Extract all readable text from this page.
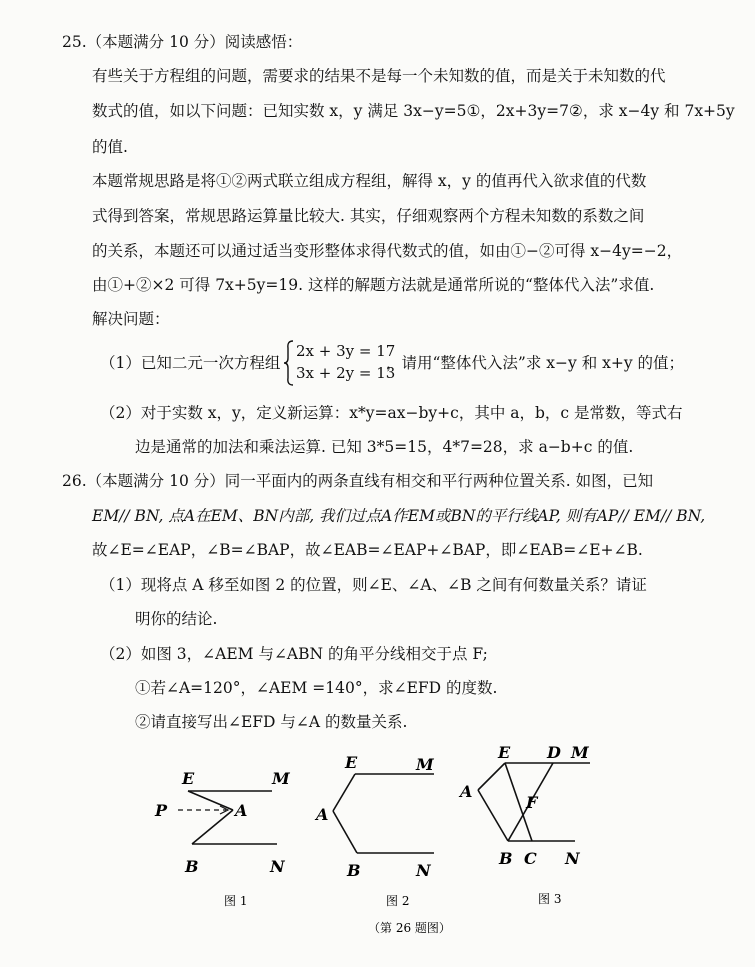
25.（本题满分 10 分）阅读感悟：
有些关于方程组的问题，需要求的结果不是每一个未知数的值，而是关于未知数的代
数式的值，如以下问题：已知实数 x，y 满足 3x−y=5①，2x+3y=7②，求 x−4y 和 7x+5y
的值.
本题常规思路是将①②两式联立组成方程组，解得 x，y 的值再代入欲求值的代数
式得到答案，常规思路运算量比较大. 其实，仔细观察两个方程未知数的系数之间
的关系，本题还可以通过适当变形整体求得代数式的值，如由①−②可得 x−4y=−2，
由①+②×2 可得 7x+5y=19. 这样的解题方法就是通常所说的“整体代入法”求值.
解决问题：
（1）已知二元一次方程组
2x + 3y = 17
3x + 2y = 13
，请用“整体代入法”求 x−y 和 x+y 的值；
（2）对于实数 x，y，定义新运算：x*y=ax−by+c，其中 a，b，c 是常数，等式右
边是通常的加法和乘法运算. 已知 3*5=15，4*7=28，求 a−b+c 的值.
26.（本题满分 10 分）同一平面内的两条直线有相交和平行两种位置关系. 如图，已知
EM// BN, 点A在EM、BN内部, 我们过点A作EM或BN的平行线AP, 则有AP// EM// BN,
故∠E=∠EAP，∠B=∠BAP，故∠EAB=∠EAP+∠BAP，即∠EAB=∠E+∠B.
（1）现将点 A 移至如图 2 的位置，则∠E、∠A、∠B 之间有何数量关系？请证
明你的结论.
（2）如图 3，∠AEM 与∠ABN 的角平分线相交于点 F;
①若∠A=120°，∠AEM =140°，求∠EFD 的度数.
②请直接写出∠EFD 与∠A 的数量关系.
E	M
P	A
B	N
图 1
E	M
A
B	N
图 2
E D M
A
F
B C N
图 3
（第 26 题图）
